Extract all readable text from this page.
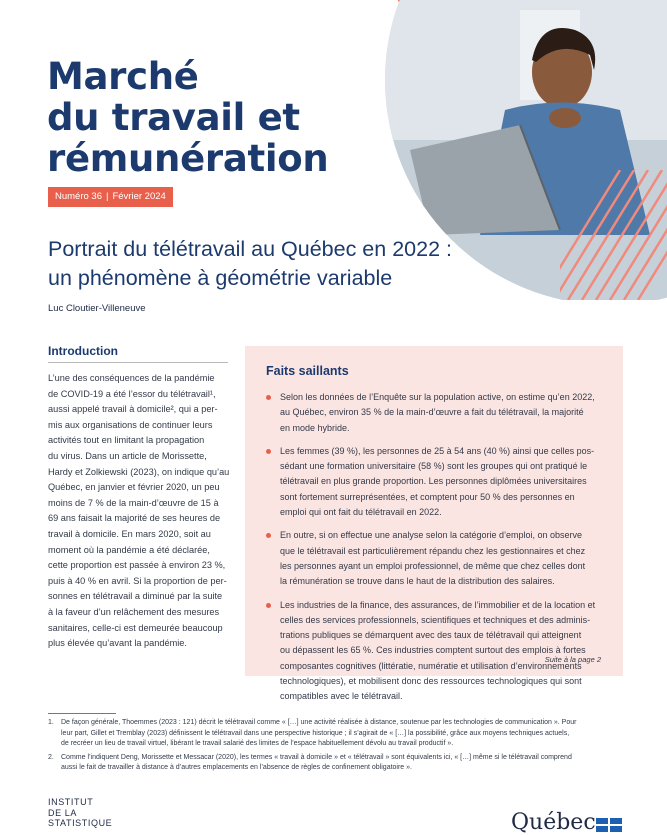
Marché
du travail et
rémunération
Numéro 36 | Février 2024
Portrait du télétravail au Québec en 2022 :
un phénomène à géométrie variable
Luc Cloutier-Villeneuve
Introduction
L’une des conséquences de la pandémie
de COVID-19 a été l’essor du télétravail¹,
aussi appelé travail à domicile², qui a per-
mis aux organisations de continuer leurs
activités tout en limitant la propagation
du virus. Dans un article de Morissette,
Hardy et Zolkiewski (2023), on indique qu’au
Québec, en janvier et février 2020, un peu
moins de 7 % de la main-d’œuvre de 15 à
69 ans faisait la majorité de ses heures de
travail à domicile. En mars 2020, soit au
moment où la pandémie a été déclarée,
cette proportion est passée à environ 23 %,
puis à 40 % en avril. Si la proportion de per-
sonnes en télétravail a diminué par la suite
à la faveur d’un relâchement des mesures
sanitaires, celle-ci est demeurée beaucoup
plus élevée qu’avant la pandémie.
Faits saillants
Selon les données de l’Enquête sur la population active, on estime qu’en 2022,
au Québec, environ 35 % de la main-d’œuvre a fait du télétravail, la majorité
en mode hybride.
Les femmes (39 %), les personnes de 25 à 54 ans (40 %) ainsi que celles pos-
sédant une formation universitaire (58 %) sont les groupes qui ont pratiqué le
télétravail en plus grande proportion. Les personnes diplômées universitaires
sont fortement surreprésentées, et comptent pour 50 % des personnes en
emploi qui ont fait du télétravail en 2022.
En outre, si on effectue une analyse selon la catégorie d’emploi, on observe
que le télétravail est particulièrement répandu chez les gestionnaires et chez
les personnes ayant un emploi professionnel, de même que chez celles dont
la rémunération se trouve dans le haut de la distribution des salaires.
Les industries de la finance, des assurances, de l’immobilier et de la location et
celles des services professionnels, scientifiques et techniques et des adminis-
trations publiques se démarquent avec des taux de télétravail qui atteignent
ou dépassent les 65 %. Ces industries comptent surtout des emplois à fortes
composantes cognitives (littératie, numératie et utilisation d’environnements
technologiques), et mobilisent donc des ressources technologiques qui sont
compatibles avec le télétravail.
Suite à la page 2
1. De façon générale, Thoemmes (2023 : 121) décrit le télétravail comme « […] une activité réalisée à distance, soutenue par les technologies de communication ». Pour
leur part, Gillet et Tremblay (2023) définissent le télétravail dans une perspective historique ; il s’agirait de « […] la possibilité, grâce aux moyens techniques actuels,
de recréer un lieu de travail virtuel, libérant le travail salarié des limites de l’espace habituellement dévolu au travail productif ».
2. Comme l’indiquent Deng, Morissette et Messacar (2020), les termes « travail à domicile » et « télétravail » sont équivalents ici, « […] même si le télétravail comprend
aussi le fait de travailler à distance à d’autres emplacements en l’absence de règles de confinement obligatoire ».
INSTITUT
DE LA
STATISTIQUE	Québec
